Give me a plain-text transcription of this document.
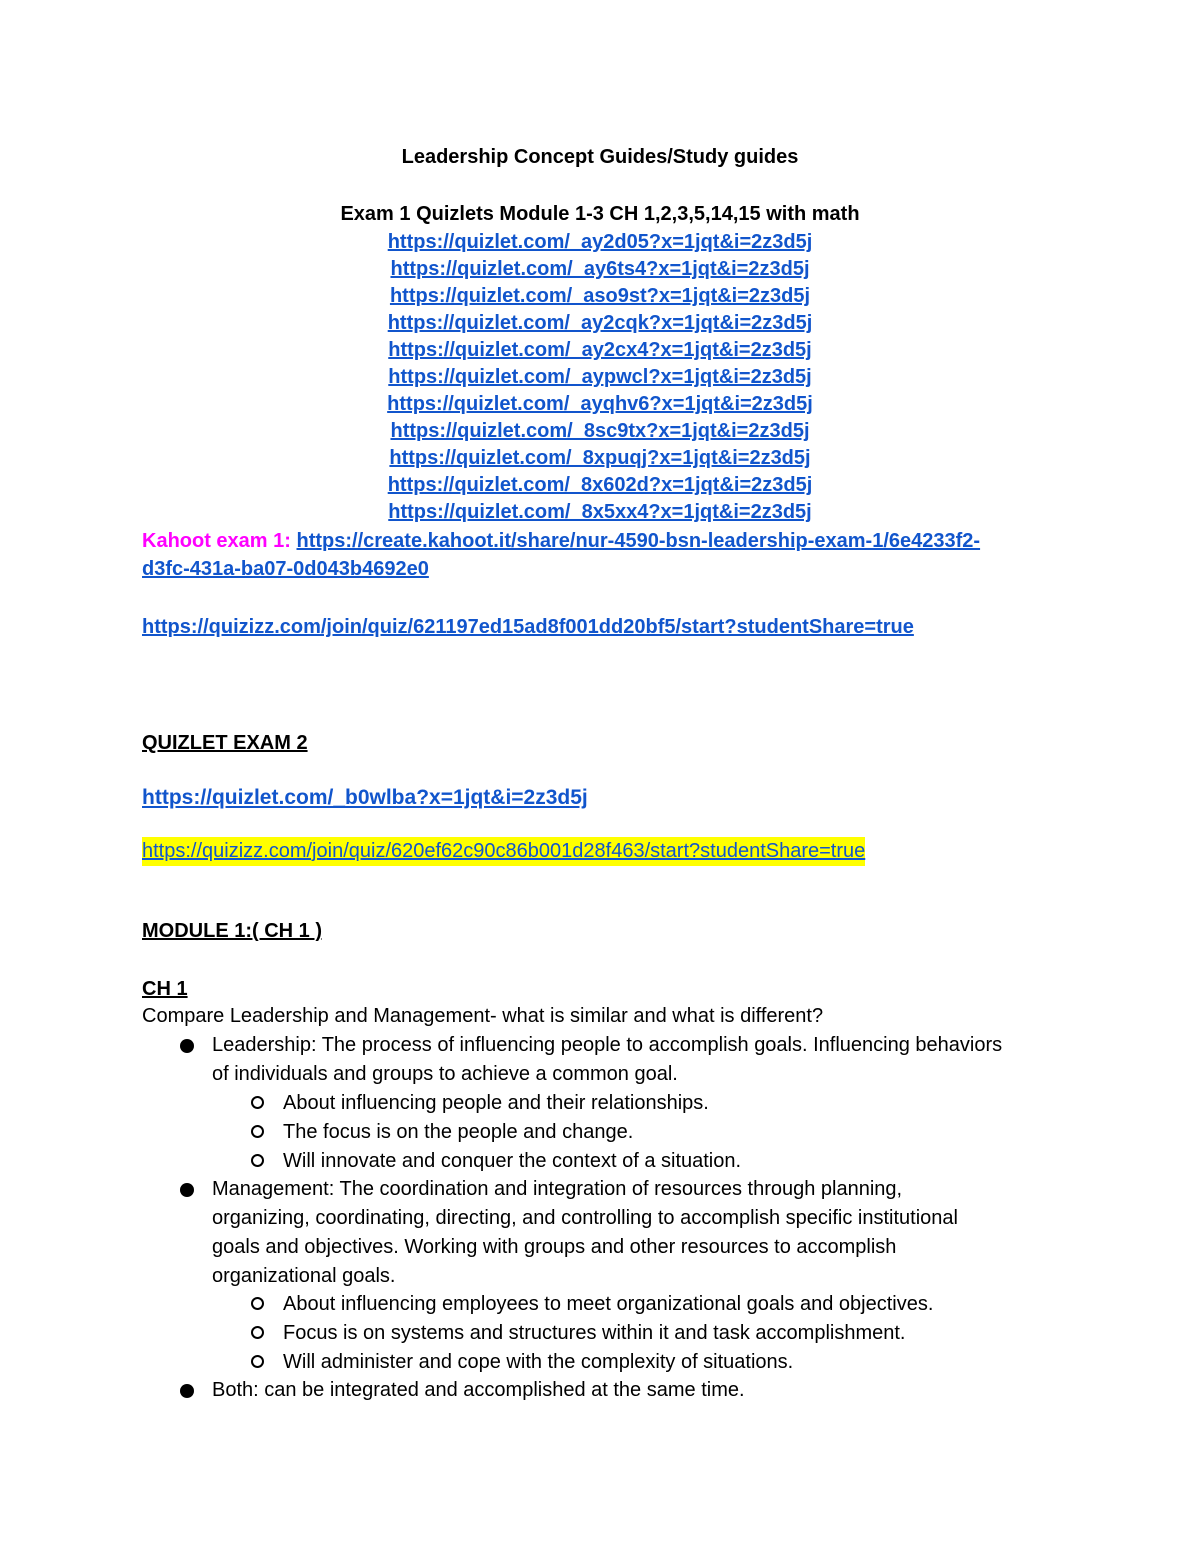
Leadership Concept Guides/Study guides
Exam 1 Quizlets Module 1-3 CH 1,2,3,5,14,15 with math
https://quizlet.com/_ay2d05?x=1jqt&i=2z3d5j
https://quizlet.com/_ay6ts4?x=1jqt&i=2z3d5j
https://quizlet.com/_aso9st?x=1jqt&i=2z3d5j
https://quizlet.com/_ay2cqk?x=1jqt&i=2z3d5j
https://quizlet.com/_ay2cx4?x=1jqt&i=2z3d5j
https://quizlet.com/_aypwcl?x=1jqt&i=2z3d5j
https://quizlet.com/_ayqhv6?x=1jqt&i=2z3d5j
https://quizlet.com/_8sc9tx?x=1jqt&i=2z3d5j
https://quizlet.com/_8xpuqj?x=1jqt&i=2z3d5j
https://quizlet.com/_8x602d?x=1jqt&i=2z3d5j
https://quizlet.com/_8x5xx4?x=1jqt&i=2z3d5j
Kahoot exam 1: https://create.kahoot.it/share/nur-4590-bsn-leadership-exam-1/6e4233f2-
d3fc-431a-ba07-0d043b4692e0
https://quizizz.com/join/quiz/621197ed15ad8f001dd20bf5/start?studentShare=true
QUIZLET EXAM 2
https://quizlet.com/_b0wlba?x=1jqt&i=2z3d5j
https://quizizz.com/join/quiz/620ef62c90c86b001d28f463/start?studentShare=true
MODULE 1:( CH 1 )
CH 1
Compare Leadership and Management- what is similar and what is different?
Leadership: The process of influencing people to accomplish goals. Influencing behaviors
of individuals and groups to achieve a common goal.
About influencing people and their relationships.
The focus is on the people and change.
Will innovate and conquer the context of a situation.
Management: The coordination and integration of resources through planning,
organizing, coordinating, directing, and controlling to accomplish specific institutional
goals and objectives. Working with groups and other resources to accomplish
organizational goals.
About influencing employees to meet organizational goals and objectives.
Focus is on systems and structures within it and task accomplishment.
Will administer and cope with the complexity of situations.
Both: can be integrated and accomplished at the same time.
